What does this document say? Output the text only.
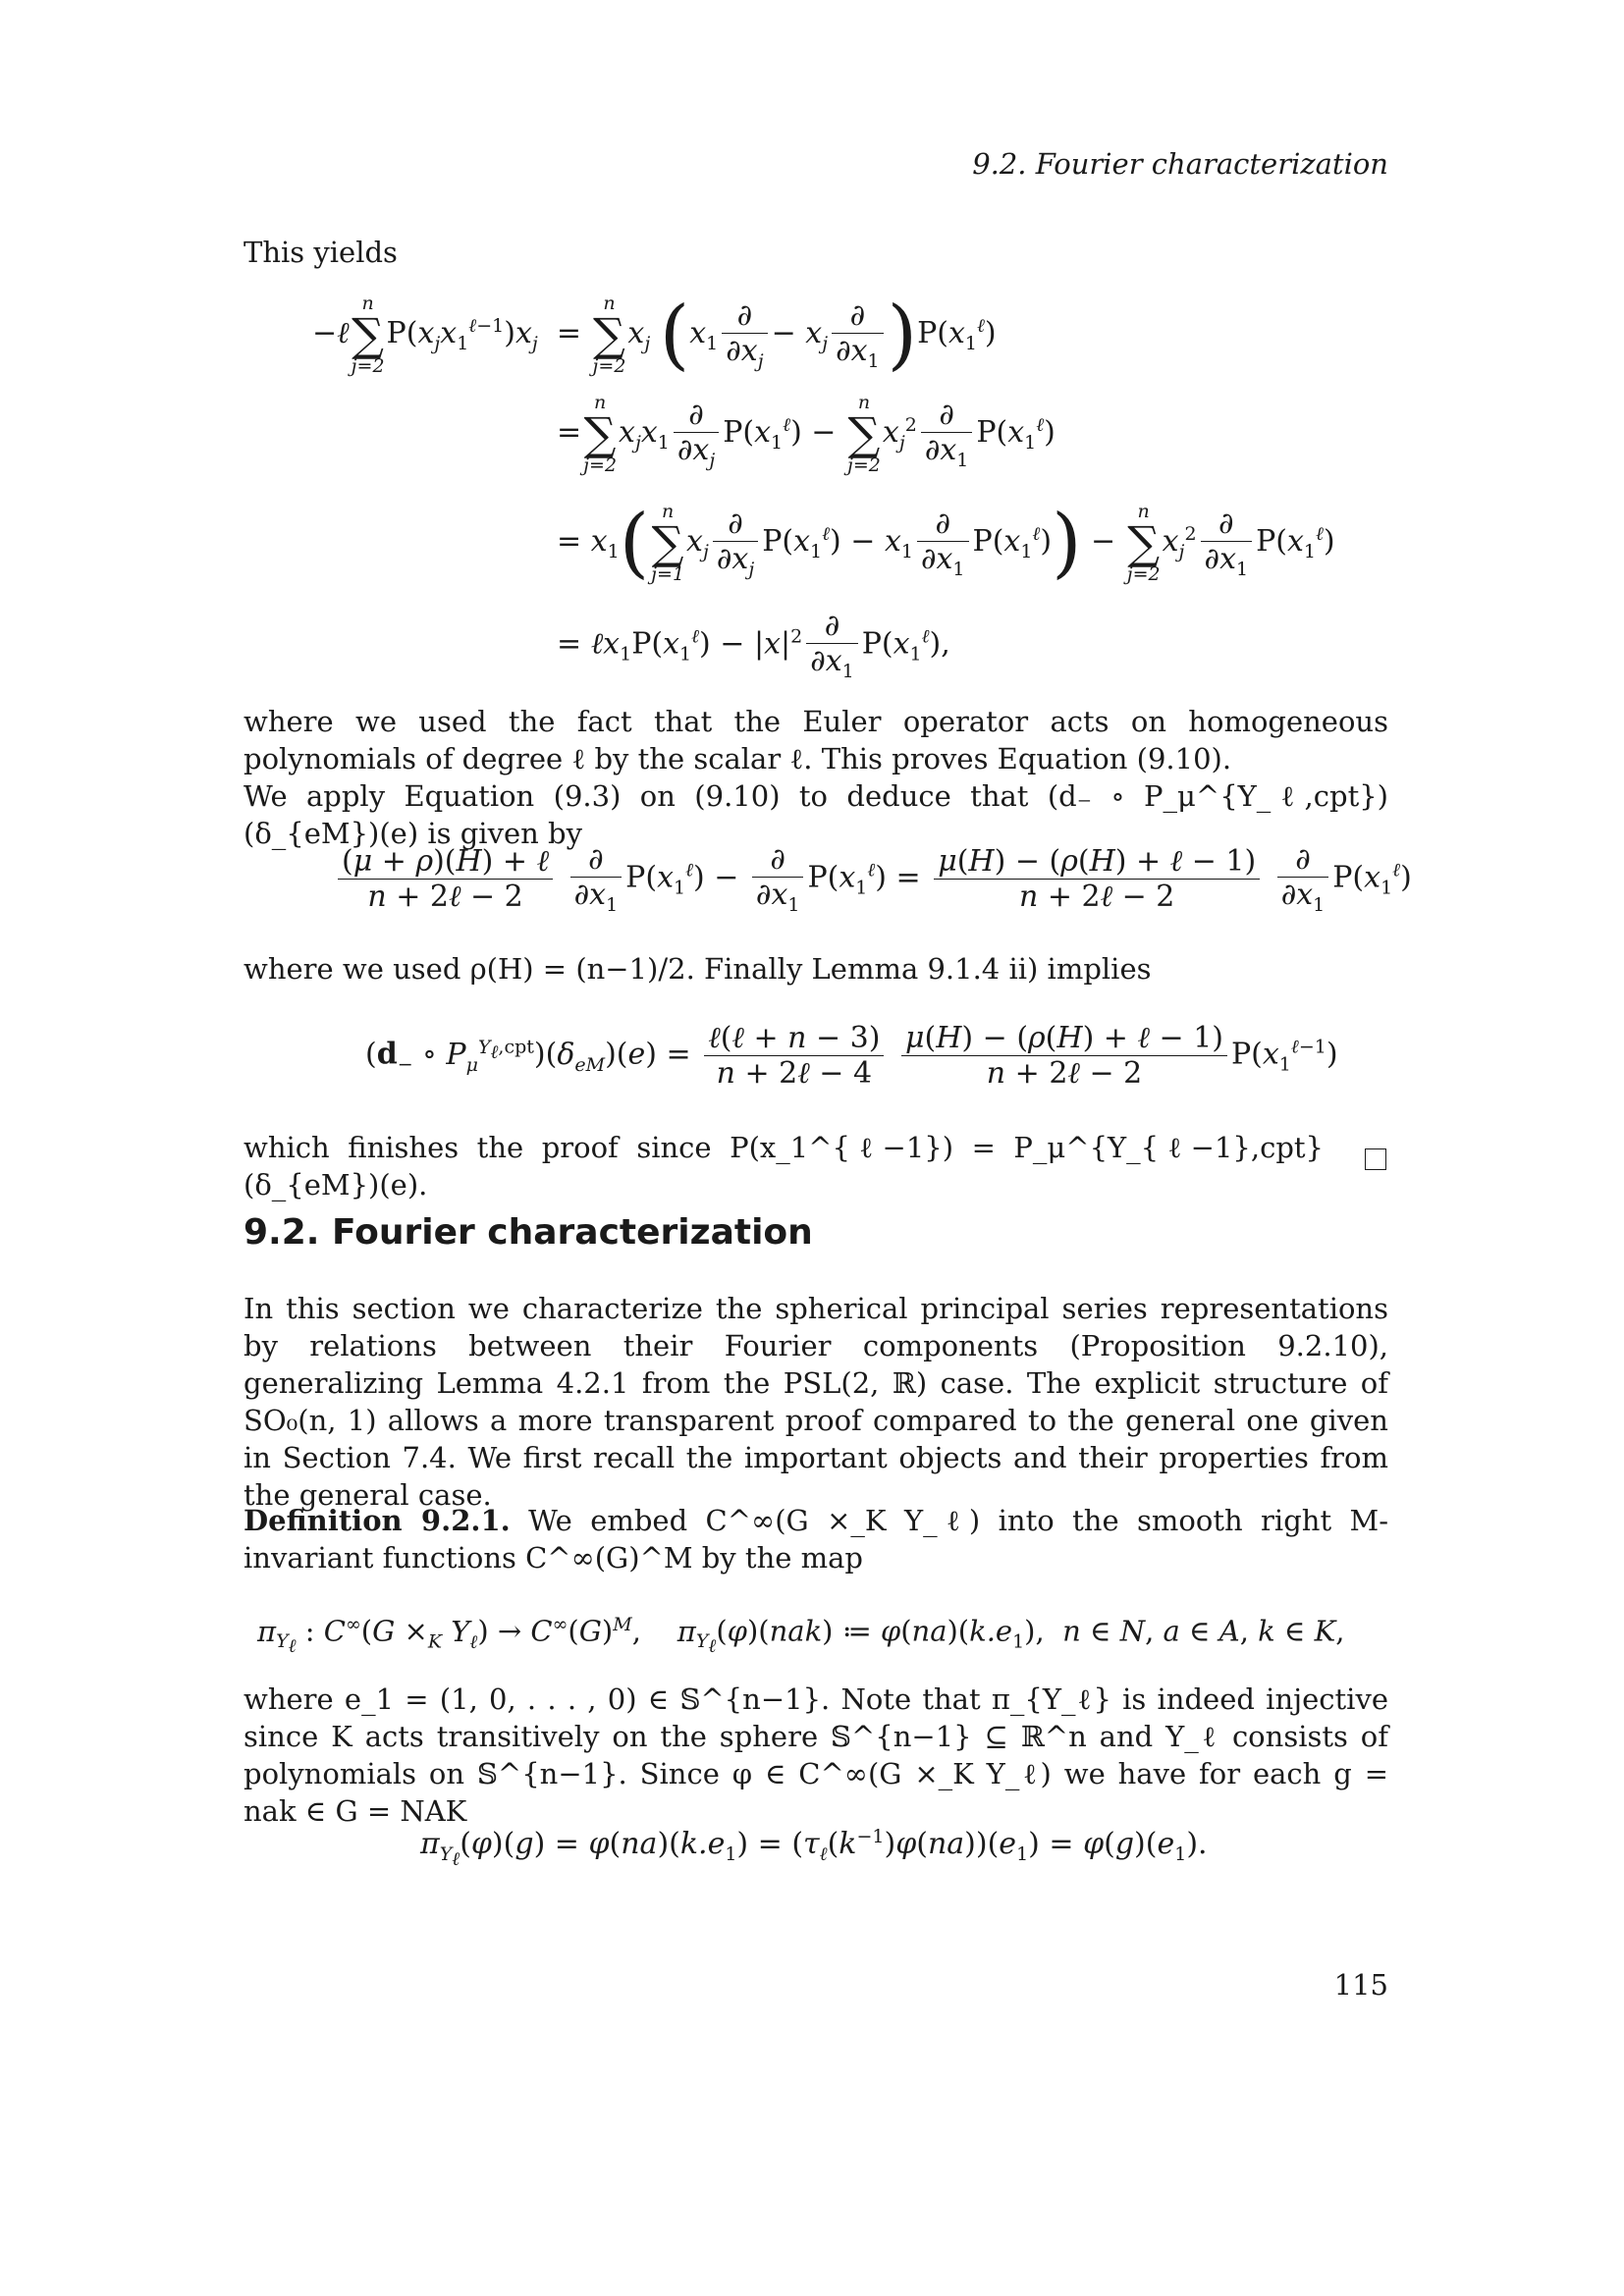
9.2. Fourier characterization
This yields
−ℓ
n
∑
j=2
$P(x_jx_1^{\ell-1})x_j$  =
n
∑
j=2
$x_j$ $(x_1 \frac{\partial}{\partial x_j} - x_j \frac{\partial}{\partial x_1} )P(x_1^\ell)$
=
n
∑
j=2
$x_jx_1 \frac{\partial}{\partial x_j} P(x_1^\ell)$ −
n
∑
j=2
$x_j^2 \frac{\partial}{\partial x_1} P(x_1^\ell)$
= $x_1$( n
∑
j=1
$x_j \frac{\partial}{\partial x_j} P(x_1^\ell) - x_1 \frac{\partial}{\partial x_1} P(x_1^\ell)$) −
n
∑
j=2
$x_j^2 \frac{\partial}{\partial x_1} P(x_1^\ell)$
= $\ell x_1P(x_1^\ell) - |x|^2 \frac{\partial}{\partial x_1} P(x_1^\ell)$,
where we used the fact that the Euler operator acts on homogeneous polynomials of degree ℓ by the scalar ℓ. This proves Equation (9.10).
We apply Equation (9.3) on (9.10) to deduce that (d₋ ∘ P_μ^{Y_ℓ,cpt})(δ_{eM})(e) is given by
$\frac{\text{(μ + ρ)(H) + ℓ}}{\text{n + 2ℓ − 2}}$
$\frac{\partial}{\partial x_1} P(x_1^\ell) - \frac{\partial}{\partial x_1} P(x_1^\ell) = \frac{\text{μ(H) − (ρ(H) + ℓ − 1)}}{\text{n + 2ℓ − 2}}$
$\frac{\partial}{\partial x_1} P(x_1^\ell)$
where we used ρ(H) = (n−1)/2. Finally Lemma 9.1.4 ii) implies
($d_-$ ∘ $P_\mu^{Y_\ell,cpt})(\delta_{eM})(e) = \frac{\text{ℓ(ℓ + n − 3)}}{\text{n + 2ℓ − 4}}$
$\frac{\text{μ(H) − (ρ(H) + ℓ − 1)}}{\text{n + 2ℓ − 2}} P(x_1^{\ell-1})$
which finishes the proof since P(x_1^{ℓ−1}) = P_μ^{Y_{ℓ−1},cpt}(δ_{eM})(e).
9.2. Fourier characterization
In this section we characterize the spherical principal series representations by relations between their Fourier components (Proposition 9.2.10), generalizing Lemma 4.2.1 from the PSL(2, ℝ) case. The explicit structure of SO₀(n, 1) allows a more transparent proof compared to the general one given in Section 7.4. We first recall the important objects and their properties from the general case.
Definition 9.2.1. We embed C^∞(G ×_K Y_ℓ) into the smooth right M-invariant functions C^∞(G)^M by the map
$\pi_{Y_\ell}$ : $C^\infty(G \times_K$ $Y_\ell) \to C^\infty(G)^M$,    $\pi_{Y_\ell}(\varphi)(nak)$ ≔ $\varphi(na)(k.e_1)$,  n ∈ N, a ∈ A, k ∈ K,
where e_1 = (1, 0, . . . , 0) ∈ 𝕊^{n−1}. Note that π_{Y_ℓ} is indeed injective since K acts transitively on the sphere 𝕊^{n−1} ⊆ ℝ^n and Y_ℓ consists of polynomials on 𝕊^{n−1}. Since φ ∈ C^∞(G ×_K Y_ℓ) we have for each g = nak ∈ G = NAK
$\pi_{Y_\ell}(\varphi)(g) = \varphi(na)(k.e_1) = (\tau_\ell(k^{-1})\varphi(na))(e_1) = \varphi(g)(e_1)$.
115
